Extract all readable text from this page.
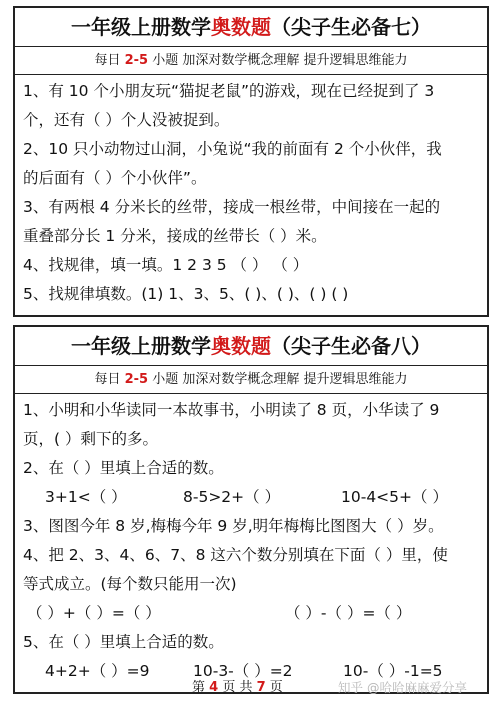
一年级上册数学奥数题（尖子生必备七）
每日 2-5 小题 加深对数学概念理解 提升逻辑思维能力
1、有 10 个小朋友玩“猫捉老鼠”的游戏，现在已经捉到了 3
个，还有（ ）个人没被捉到。
2、10 只小动物过山洞，小兔说“我的前面有 2 个小伙伴，我
的后面有（ ）个小伙伴”。
3、有两根 4 分米长的丝带，接成一根丝带，中间接在一起的
重叠部分长 1 分米，接成的丝带长（ ）米。
4、找规律，填一填。1 2 3 5 （ ） （ ）
5、找规律填数。(1) 1、3、5、( )、( )、( ) ( )
一年级上册数学奥数题（尖子生必备八）
每日 2-5 小题 加深对数学概念理解 提升逻辑思维能力
1、小明和小华读同一本故事书，小明读了 8 页，小华读了 9
页，( ）剩下的多。
2、在（ ）里填上合适的数。
3+1<（ ）	8-5>2+（ ）	10-4<5+（ ）
3、图图今年 8 岁,梅梅今年 9 岁,明年梅梅比图图大（ ）岁。
4、把 2、3、4、6、7、8 这六个数分别填在下面（ ）里，使
等式成立。(每个数只能用一次)
（ ）+（ ）=（ ）	（ ）-（ ）=（ ）
5、在（ ）里填上合适的数。
4+2+（ ）=9	10-3-（ ）=2	10-（ ）-1=5
第 4 页 共 7 页	知乎 @哈哈麻麻爱分享
